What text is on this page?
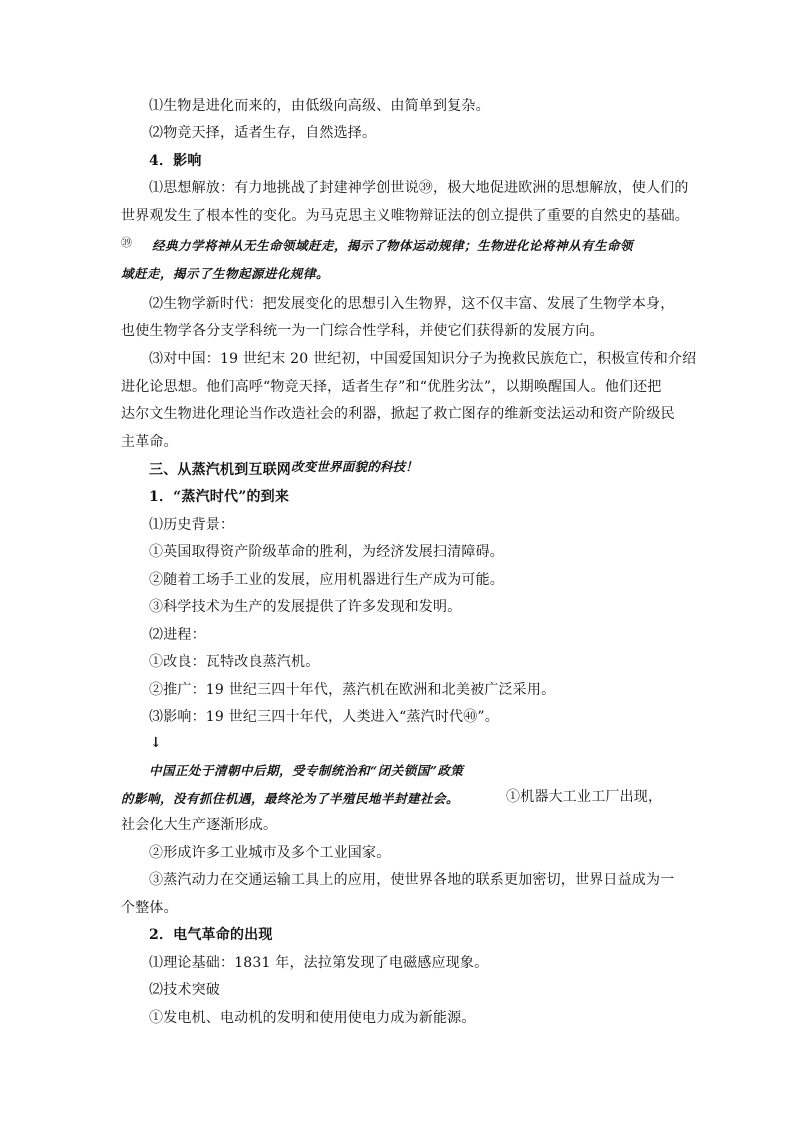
⑴生物是进化而来的，由低级向高级、由简单到复杂。
⑵物竞天择，适者生存，自然选择。
4．影响
⑴思想解放：有力地挑战了封建神学创世说㊴，极大地促进欧洲的思想解放，使人们的
世界观发生了根本性的变化。为马克思主义唯物辩证法的创立提供了重要的自然史的基础。
㊴ 经典力学将神从无生命领域赶走，揭示了物体运动规律；生物进化论将神从有生命领
域赶走，揭示了生物起源进化规律。
⑵生物学新时代：把发展变化的思想引入生物界，这不仅丰富、发展了生物学本身，
也使生物学各分支学科统一为一门综合性学科，并使它们获得新的发展方向。
⑶对中国：19 世纪末 20 世纪初，中国爱国知识分子为挽救民族危亡，积极宣传和介绍
进化论思想。他们高呼“物竞天择，适者生存”和“优胜劣汰”，以期唤醒国人。他们还把
达尔文生物进化理论当作改造社会的利器，掀起了救亡图存的维新变法运动和资产阶级民
主革命。
三、从蒸汽机到互联网 改变世界面貌的科技！
1．“蒸汽时代”的到来
⑴历史背景：
①英国取得资产阶级革命的胜利，为经济发展扫清障碍。
②随着工场手工业的发展，应用机器进行生产成为可能。
③科学技术为生产的发展提供了许多发现和发明。
⑵进程：
①改良：瓦特改良蒸汽机。
②推广：19 世纪三四十年代，蒸汽机在欧洲和北美被广泛采用。
⑶影响：19 世纪三四十年代，人类进入“蒸汽时代㊵”。
↓
中国正处于清朝中后期，受专制统治和“闭关锁国”政策
的影响，没有抓住机遇，最终沦为了半殖民地半封建社会。	①机器大工业工厂出现，
社会化大生产逐渐形成。
②形成许多工业城市及多个工业国家。
③蒸汽动力在交通运输工具上的应用，使世界各地的联系更加密切，世界日益成为一
个整体。
2．电气革命的出现
⑴理论基础：1831 年，法拉第发现了电磁感应现象。
⑵技术突破
①发电机、电动机的发明和使用使电力成为新能源。
